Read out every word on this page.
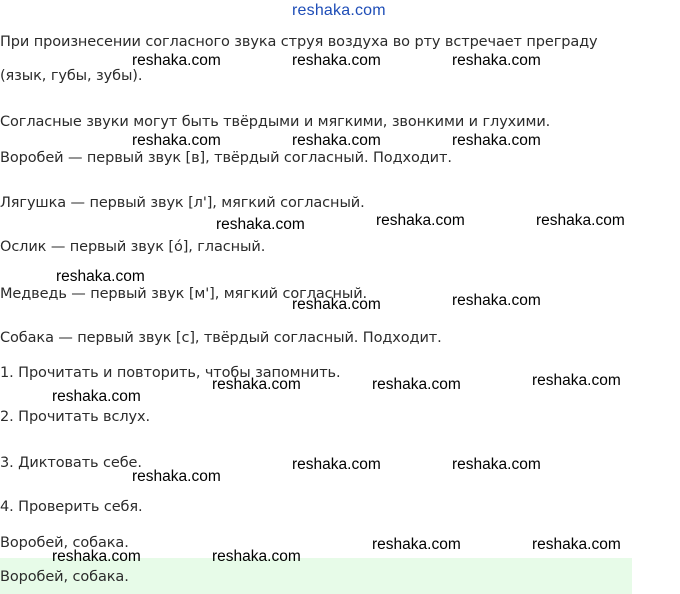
reshaka.com
При произнесении согласного звука струя воздуха во рту встречает преграду
(язык, губы, зубы).
Согласные звуки могут быть твёрдыми и мягкими, звонкими и глухими.
Воробей — первый звук [в], твёрдый согласный. Подходит.
Лягушка — первый звук [л'], мягкий согласный.
Ослик — первый звук [о́], гласный.
Медведь — первый звук [м'], мягкий согласный.
Собака — первый звук [с], твёрдый согласный. Подходит.
1. Прочитать и повторить, чтобы запомнить.
2. Прочитать вслух.
3. Диктовать себе.
4. Проверить себя.
Воробей, собака.
Воробей, собака.
reshaka.com	reshaka.com	reshaka.com
reshaka.com	reshaka.com	reshaka.com
reshaka.com	reshaka.com
reshaka.com
reshaka.com
reshaka.com	reshaka.com
reshaka.com
reshaka.com	reshaka.com
reshaka.com
reshaka.com	reshaka.com
reshaka.com
reshaka.com	reshaka.com
reshaka.com	reshaka.com
